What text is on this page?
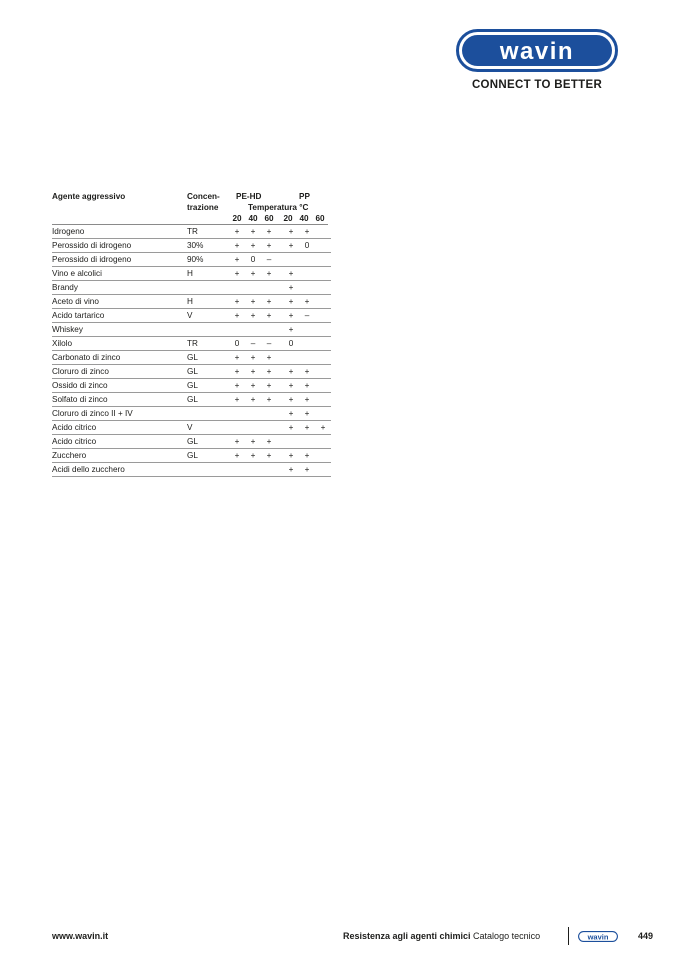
wavin
CONNECT TO BETTER
Agente aggressivo	Concen-
trazione
PE-HD	PP
Temperatura °C
20 40 60	20 40 60
Idrogeno	TR	+	+	+		+	+	
Perossido di idrogeno	30%	+	+	+		+	0	
Perossido di idrogeno	90%	+	0	–				
Vino e alcolici	H	+	+	+		+		
Brandy						+		
Aceto di vino	H	+	+	+		+	+	
Acido tartarico	V	+	+	+		+	–	
Whiskey						+		
Xilolo	TR	0	–	–		0		
Carbonato di zinco	GL	+	+	+				
Cloruro di zinco	GL	+	+	+		+	+	
Ossido di zinco	GL	+	+	+		+	+	
Solfato di zinco	GL	+	+	+		+	+	
Cloruro di zinco II + IV						+	+	
Acido citrico	V					+	+	+
Acido citrico	GL	+	+	+				
Zucchero	GL	+	+	+		+	+	
Acidi dello zucchero						+	+	
www.wavin.it	Resistenza agli agenti chimici Catalogo tecnico	wavin	449
